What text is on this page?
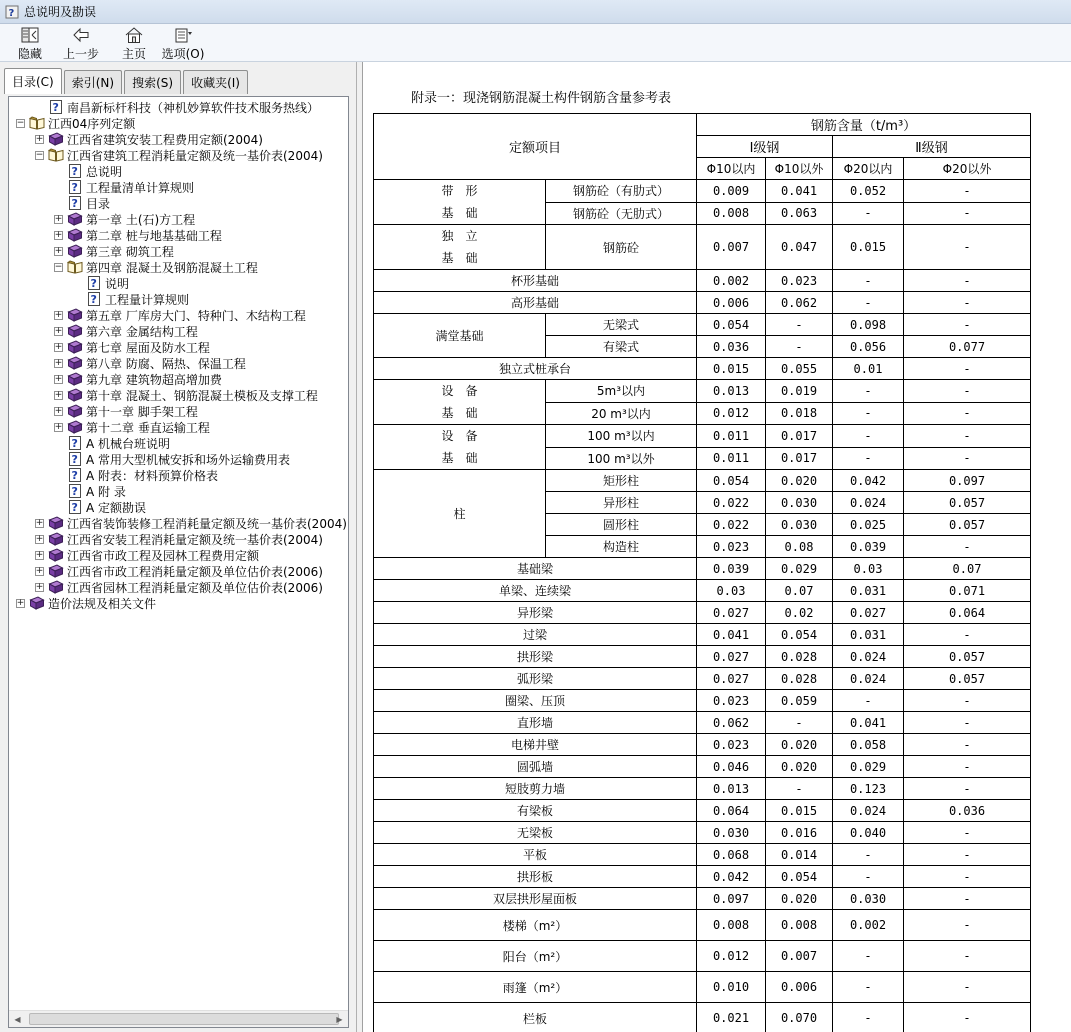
? 总说明及勘误
隐藏 上一步 主页 选项(O)
目录(C)	索引(N)	搜索(S)	收藏夹(I)
? 南昌新标杆科技（神机妙算软件技术服务热线）
− 江西04序列定额
+ 江西省建筑安装工程费用定额(2004)
− 江西省建筑工程消耗量定额及统一基价表(2004)
? 总说明
? 工程量清单计算规则
? 目录
+ 第一章 土(石)方工程
+ 第二章 桩与地基基础工程
+ 第三章 砌筑工程
− 第四章 混凝土及钢筋混凝土工程
? 说明
? 工程量计算规则
+ 第五章 厂库房大门、特种门、木结构工程
+ 第六章 金属结构工程
+ 第七章 屋面及防水工程
+ 第八章 防腐、隔热、保温工程
+ 第九章 建筑物超高增加费
+ 第十章 混凝土、钢筋混凝土模板及支撑工程
+ 第十一章 脚手架工程
+ 第十二章 垂直运输工程
? A 机械台班说明
? A 常用大型机械安拆和场外运输费用表
? A 附表：材料预算价格表
? A 附 录
? A 定额勘误
+ 江西省装饰装修工程消耗量定额及统一基价表(2004)
+ 江西省安装工程消耗量定额及统一基价表(2004)
+ 江西省市政工程及园林工程费用定额
+ 江西省市政工程消耗量定额及单位估价表(2006)
+ 江西省园林工程消耗量定额及单位估价表(2006)
+ 造价法规及相关文件
◀	▶
附录一：现浇钢筋混凝土构件钢筋含量参考表
定额项目		钢筋含量（t/m³）			
		Ⅰ级钢		Ⅱ级钢	
		Φ10以内	Φ10以外	Φ20以内	Φ20以外
带　形
基　础	钢筋砼（有肋式）	0.009	0.041	0.052	-
	钢筋砼（无肋式）	0.008	0.063	-	-
独　立
基　础	钢筋砼	0.007	0.047	0.015	-
杯形基础		0.002	0.023	-	-
高形基础		0.006	0.062	-	-
满堂基础	无梁式	0.054	-	0.098	-
	有梁式	0.036	-	0.056	0.077
独立式桩承台		0.015	0.055	0.01	-
设　备
基　础	5m³以内	0.013	0.019	-	-
	20 m³以内	0.012	0.018	-	-
设　备
基　础	100 m³以内	0.011	0.017	-	-
	100 m³以外	0.011	0.017	-	-
柱	矩形柱	0.054	0.020	0.042	0.097
	异形柱	0.022	0.030	0.024	0.057
	圆形柱	0.022	0.030	0.025	0.057
	构造柱	0.023	0.08	0.039	-
基础梁		0.039	0.029	0.03	0.07
单梁、连续梁		0.03	0.07	0.031	0.071
异形梁		0.027	0.02	0.027	0.064
过梁		0.041	0.054	0.031	-
拱形梁		0.027	0.028	0.024	0.057
弧形梁		0.027	0.028	0.024	0.057
圈梁、压顶		0.023	0.059	-	-
直形墙		0.062	-	0.041	-
电梯井壁		0.023	0.020	0.058	-
圆弧墙		0.046	0.020	0.029	-
短肢剪力墙		0.013	-	0.123	-
有梁板		0.064	0.015	0.024	0.036
无梁板		0.030	0.016	0.040	-
平板		0.068	0.014	-	-
拱形板		0.042	0.054	-	-
双层拱形屋面板		0.097	0.020	0.030	-
楼梯（m²）		0.008	0.008	0.002	-
阳台（m²）		0.012	0.007	-	-
雨篷（m²）		0.010	0.006	-	-
栏板		0.021	0.070	-	-
